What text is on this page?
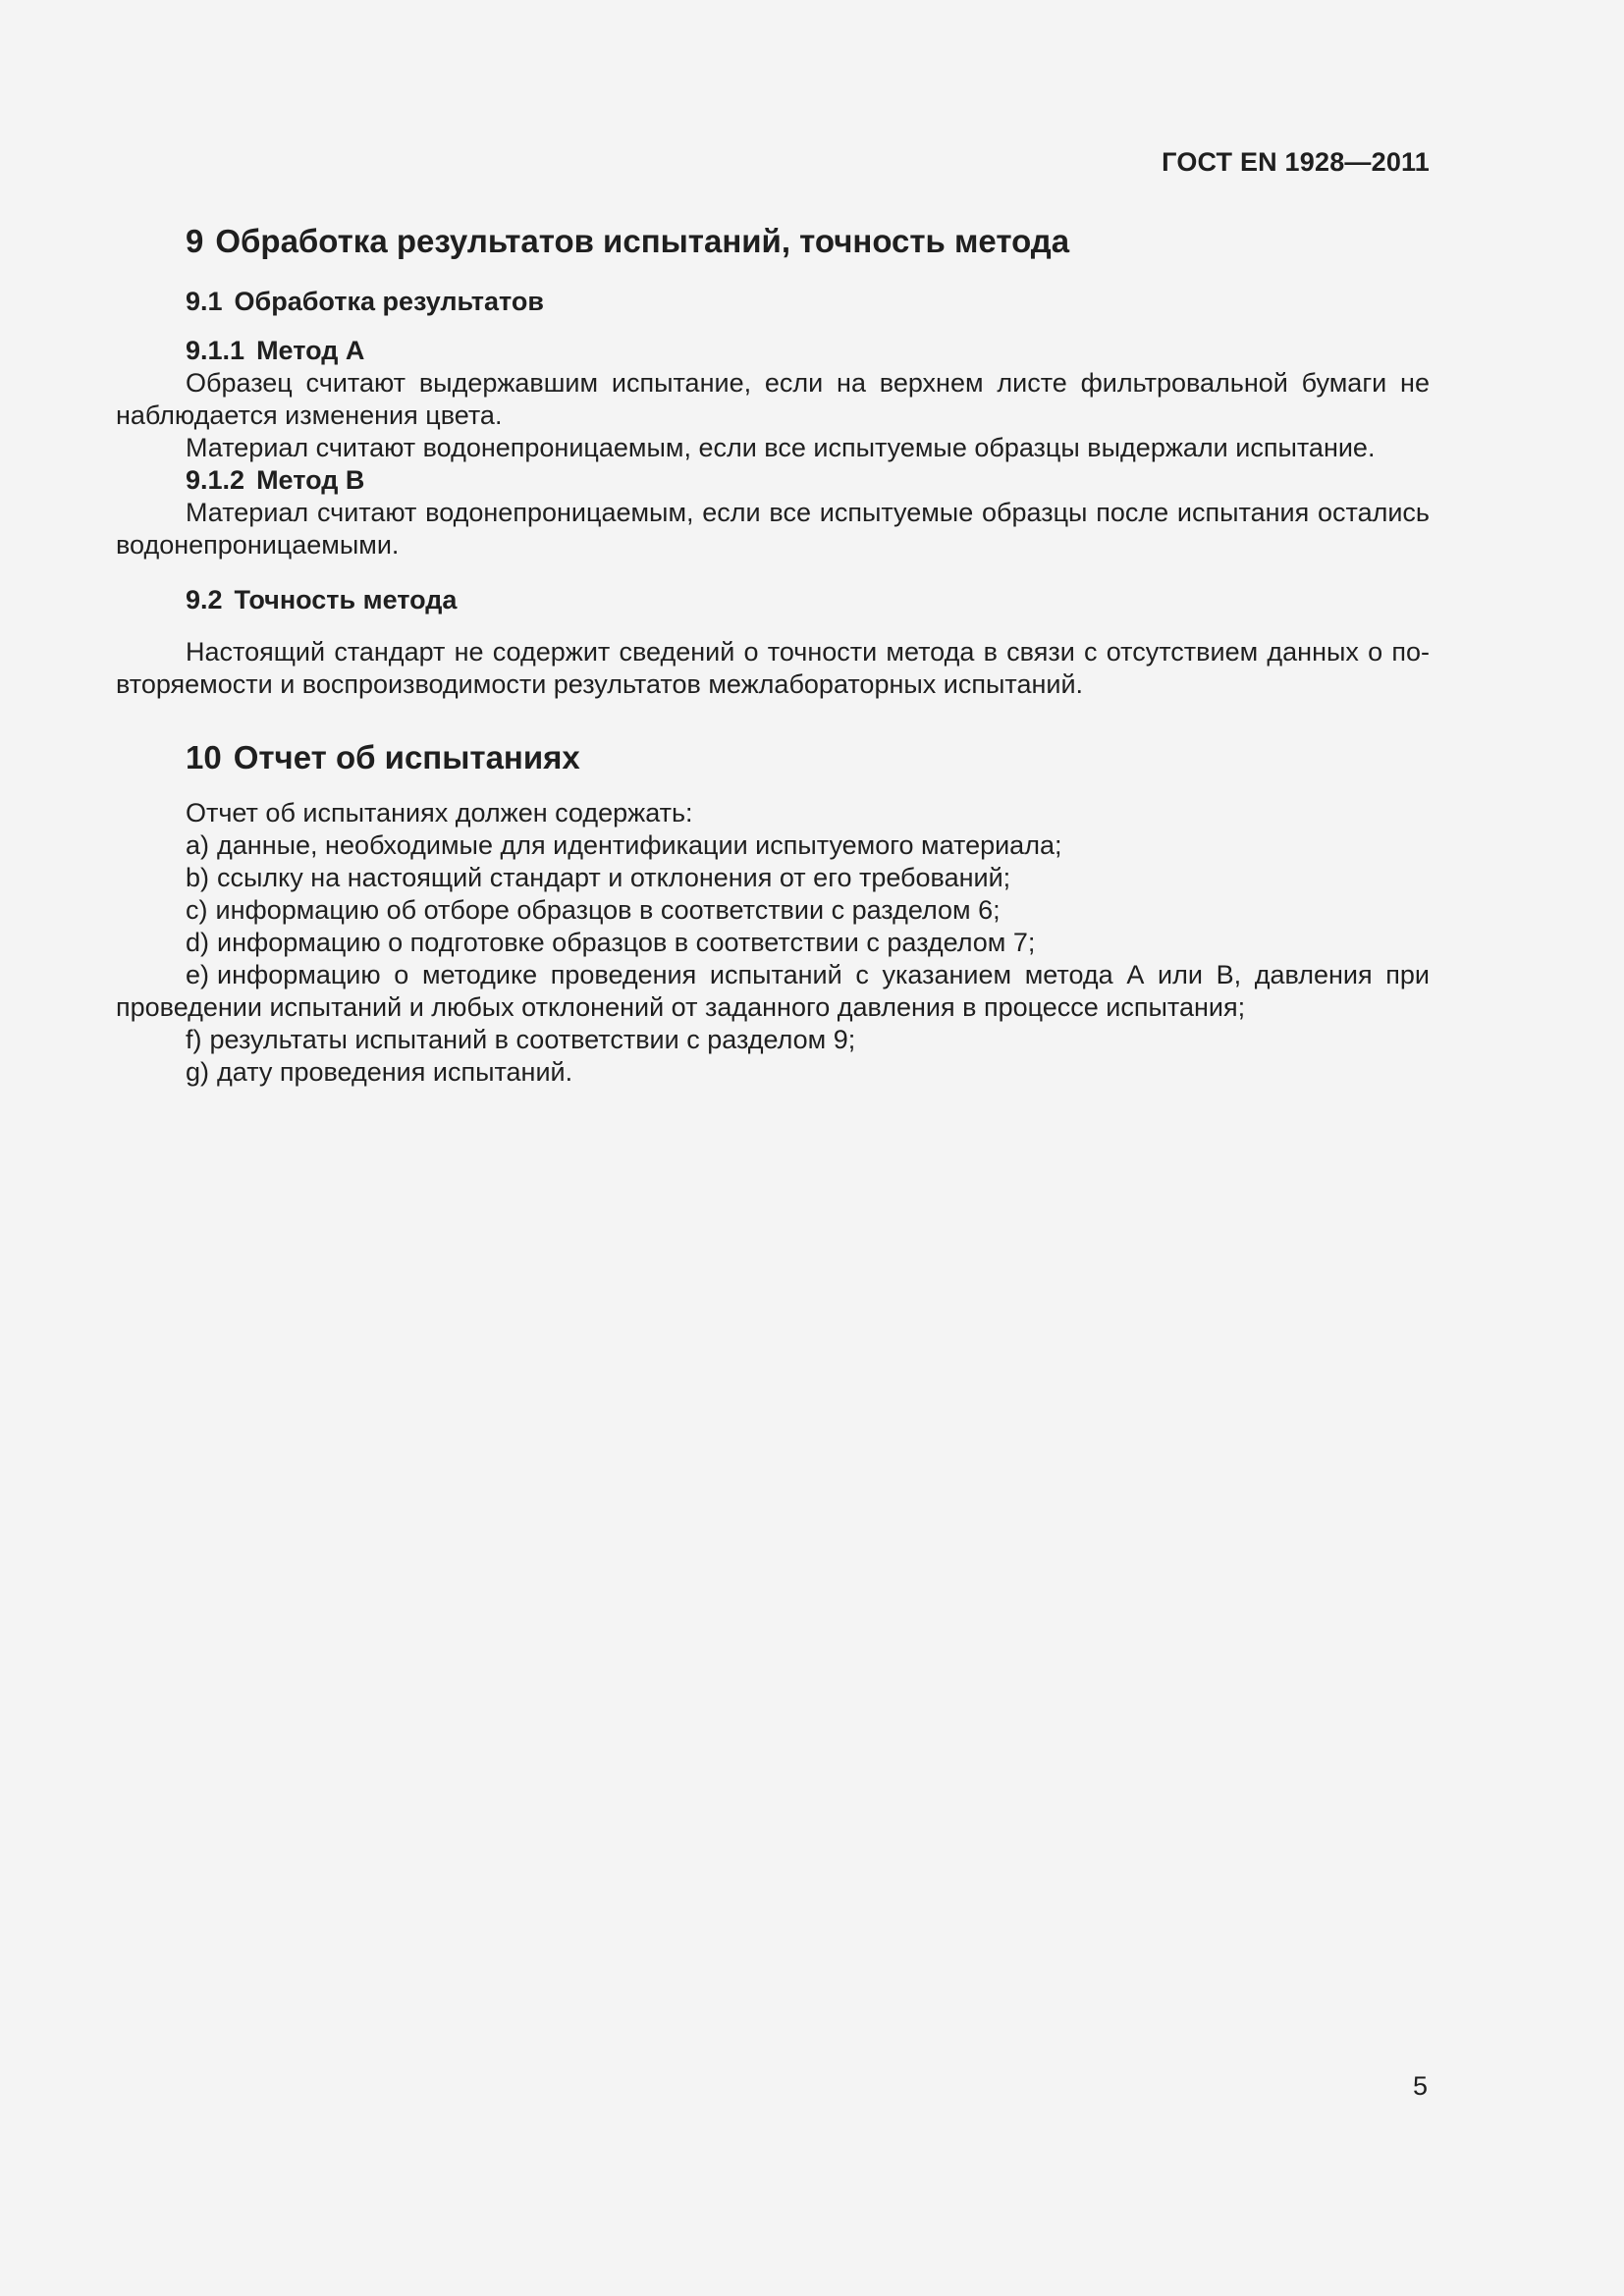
ГОСТ EN 1928—2011
9 Обработка результатов испытаний, точность метода
9.1 Обработка результатов
9.1.1 Метод А

Образец считают выдержавшим испытание, если на верхнем листе фильтровальной бумаги не наблюдается изменения цвета.

Материал считают водонепроницаемым, если все испытуемые образцы выдержали испытание.

9.1.2 Метод В

Материал считают водонепроницаемым, если все испытуемые образцы после испытания остались водонепроницаемыми.

9.2 Точность метода

Настоящий стандарт не содержит сведений о точности метода в связи с отсутствием данных о повторяемости и воспроизводимости результатов межлабораторных испытаний.

10 Отчет об испытаниях

Отчет об испытаниях должен содержать:

a) данные, необходимые для идентификации испытуемого материала;

b) ссылку на настоящий стандарт и отклонения от его требований;

c) информацию об отборе образцов в соответствии с разделом 6;

d) информацию о подготовке образцов в соответствии с разделом 7;

e) информацию о методике проведения испытаний с указанием метода А или В, давления при проведении испытаний и любых отклонений от заданного давления в процессе испытания;

f) результаты испытаний в соответствии с разделом 9;

g) дату проведения испытаний.

5
